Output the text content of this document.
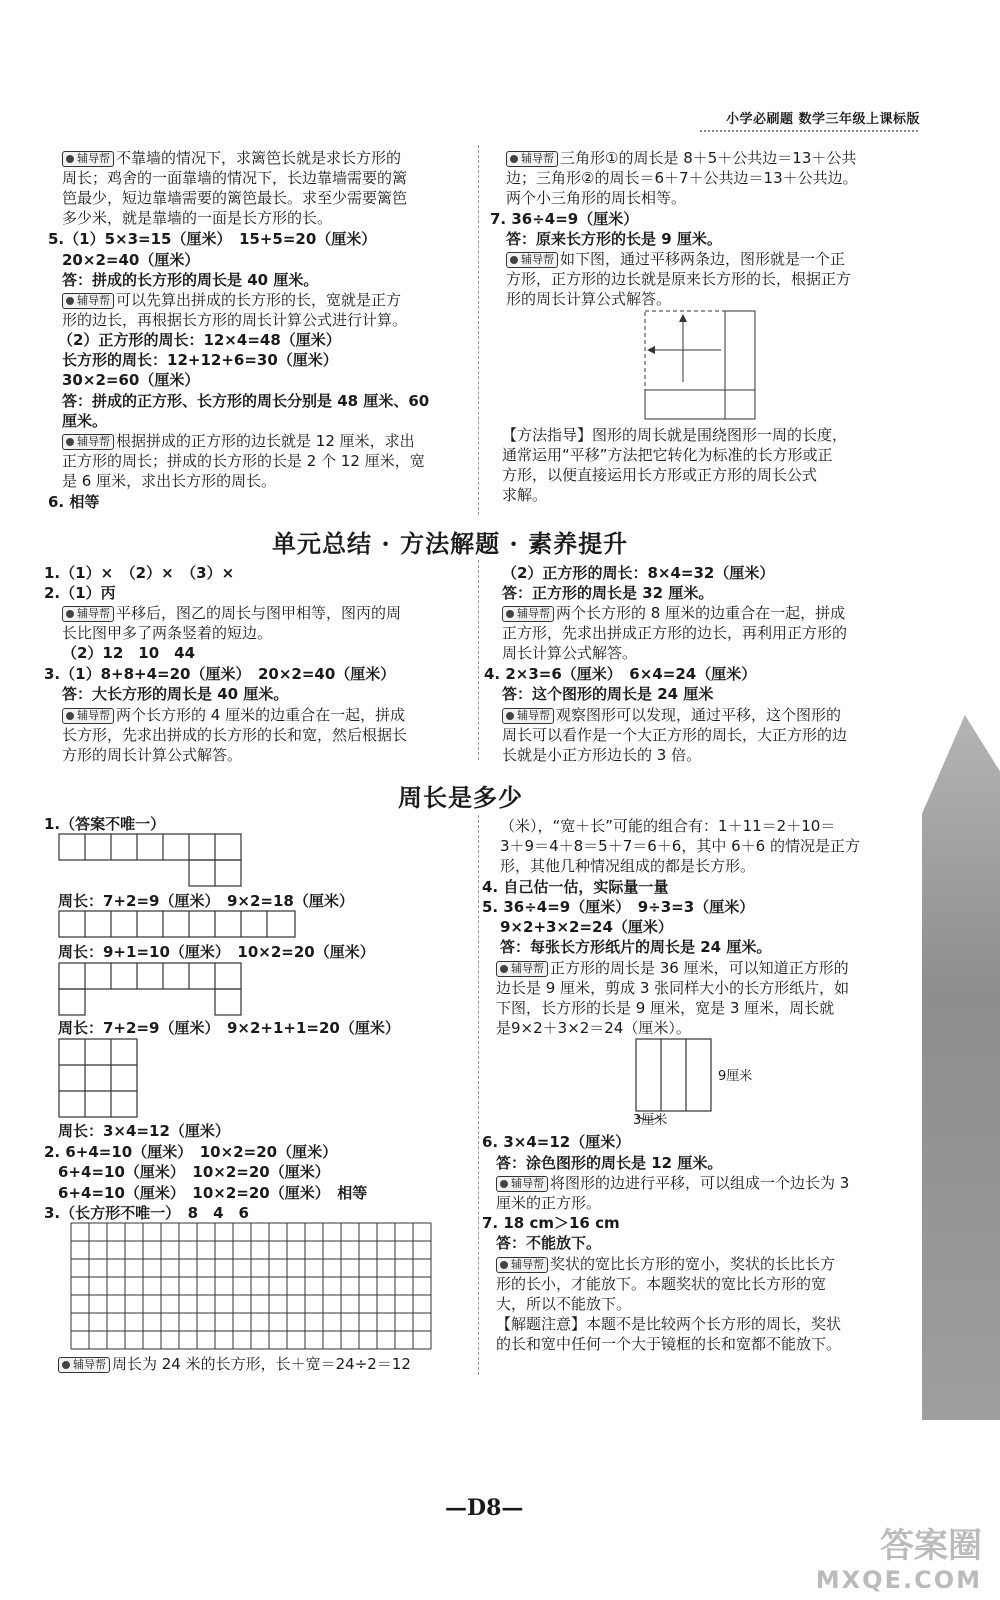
小学必刷题 数学三年级上课标版
辅导帮 不靠墙的情况下，求篱笆长就是求长方形的
周长；鸡舍的一面靠墙的情况下，长边靠墙需要的篱
笆最少，短边靠墙需要的篱笆最长。求至少需要篱笆
多少米，就是靠墙的一面是长方形的长。
5.（1）5×3=15（厘米）　15+5=20（厘米）
20×2=40（厘米）
答：拼成的长方形的周长是 40 厘米。
辅导帮 可以先算出拼成的长方形的长，宽就是正方
形的边长，再根据长方形的周长计算公式进行计算。
（2）正方形的周长：12×4=48（厘米）
长方形的周长：12+12+6=30（厘米）
30×2=60（厘米）
答：拼成的正方形、长方形的周长分别是 48 厘米、60
厘米。
辅导帮 根据拼成的正方形的边长就是 12 厘米，求出
正方形的周长；拼成的长方形的长是 2 个 12 厘米，宽
是 6 厘米，求出长方形的周长。
6. 相等
辅导帮 三角形①的周长是 8＋5＋公共边＝13＋公共
边；三角形②的周长＝6＋7＋公共边＝13＋公共边。
两个小三角形的周长相等。
7. 36÷4=9（厘米）
答：原来长方形的长是 9 厘米。
辅导帮 如下图，通过平移两条边，图形就是一个正
方形，正方形的边长就是原来长方形的长，根据正方
形的周长计算公式解答。
【方法指导】图形的周长就是围绕图形一周的长度，
通常运用“平移”方法把它转化为标准的长方形或正
方形，以便直接运用长方形或正方形的周长公式
求解。
1.（1）×　（2）×　（3）×
2.（1）丙
辅导帮 平移后，图乙的周长与图甲相等，图丙的周
长比图甲多了两条竖着的短边。
（2）12　10　44
3.（1）8+8+4=20（厘米）　20×2=40（厘米）
答：大长方形的周长是 40 厘米。
辅导帮 两个长方形的 4 厘米的边重合在一起，拼成
长方形，先求出拼成的长方形的长和宽，然后根据长
方形的周长计算公式解答。
（2）正方形的周长：8×4=32（厘米）
答：正方形的周长是 32 厘米。
辅导帮 两个长方形的 8 厘米的边重合在一起，拼成
正方形，先求出拼成正方形的边长，再利用正方形的
周长计算公式解答。
4. 2×3=6（厘米）　6×4=24（厘米）
答：这个图形的周长是 24 厘米
辅导帮 观察图形可以发现，通过平移，这个图形的
周长可以看作是一个大正方形的周长，大正方形的边
长就是小正方形边长的 3 倍。
1.（答案不唯一）
周长：7+2=9（厘米）　9×2=18（厘米）
周长：9+1=10（厘米）　10×2=20（厘米）
周长：7+2=9（厘米）　9×2+1+1=20（厘米）
周长：3×4=12（厘米）
2. 6+4=10（厘米）　10×2=20（厘米）
6+4=10（厘米）　10×2=20（厘米）
6+4=10（厘米）　10×2=20（厘米）　相等
3.（长方形不唯一）　8　4　6
辅导帮 周长为 24 米的长方形，长＋宽＝24÷2＝12
（米），“宽＋长”可能的组合有：1＋11＝2＋10＝
3＋9＝4＋8＝5＋7＝6＋6，其中 6＋6 的情况是正方
形，其他几种情况组成的都是长方形。
4. 自己估一估，实际量一量
5. 36÷4=9（厘米）　9÷3=3（厘米）
9×2+3×2=24（厘米）
答：每张长方形纸片的周长是 24 厘米。
辅导帮 正方形的周长是 36 厘米，可以知道正方形的
边长是 9 厘米，剪成 3 张同样大小的长方形纸片，如
下图，长方形的长是 9 厘米，宽是 3 厘米，周长就
是9×2＋3×2＝24（厘米）。
6. 3×4=12（厘米）
答：涂色图形的周长是 12 厘米。
辅导帮 将图形的边进行平移，可以组成一个边长为 3
厘米的正方形。
7. 18 cm＞16 cm
答：不能放下。
辅导帮 奖状的宽比长方形的宽小，奖状的长比长方
形的长小，才能放下。本题奖状的宽比长方形的宽
大，所以不能放下。
【解题注意】本题不是比较两个长方形的周长，奖状
的长和宽中任何一个大于镜框的长和宽都不能放下。
单元总结 · 方法解题 · 素养提升
周长是多少
9厘米
3厘米
—D8—
答案圈
MXQE.COM
